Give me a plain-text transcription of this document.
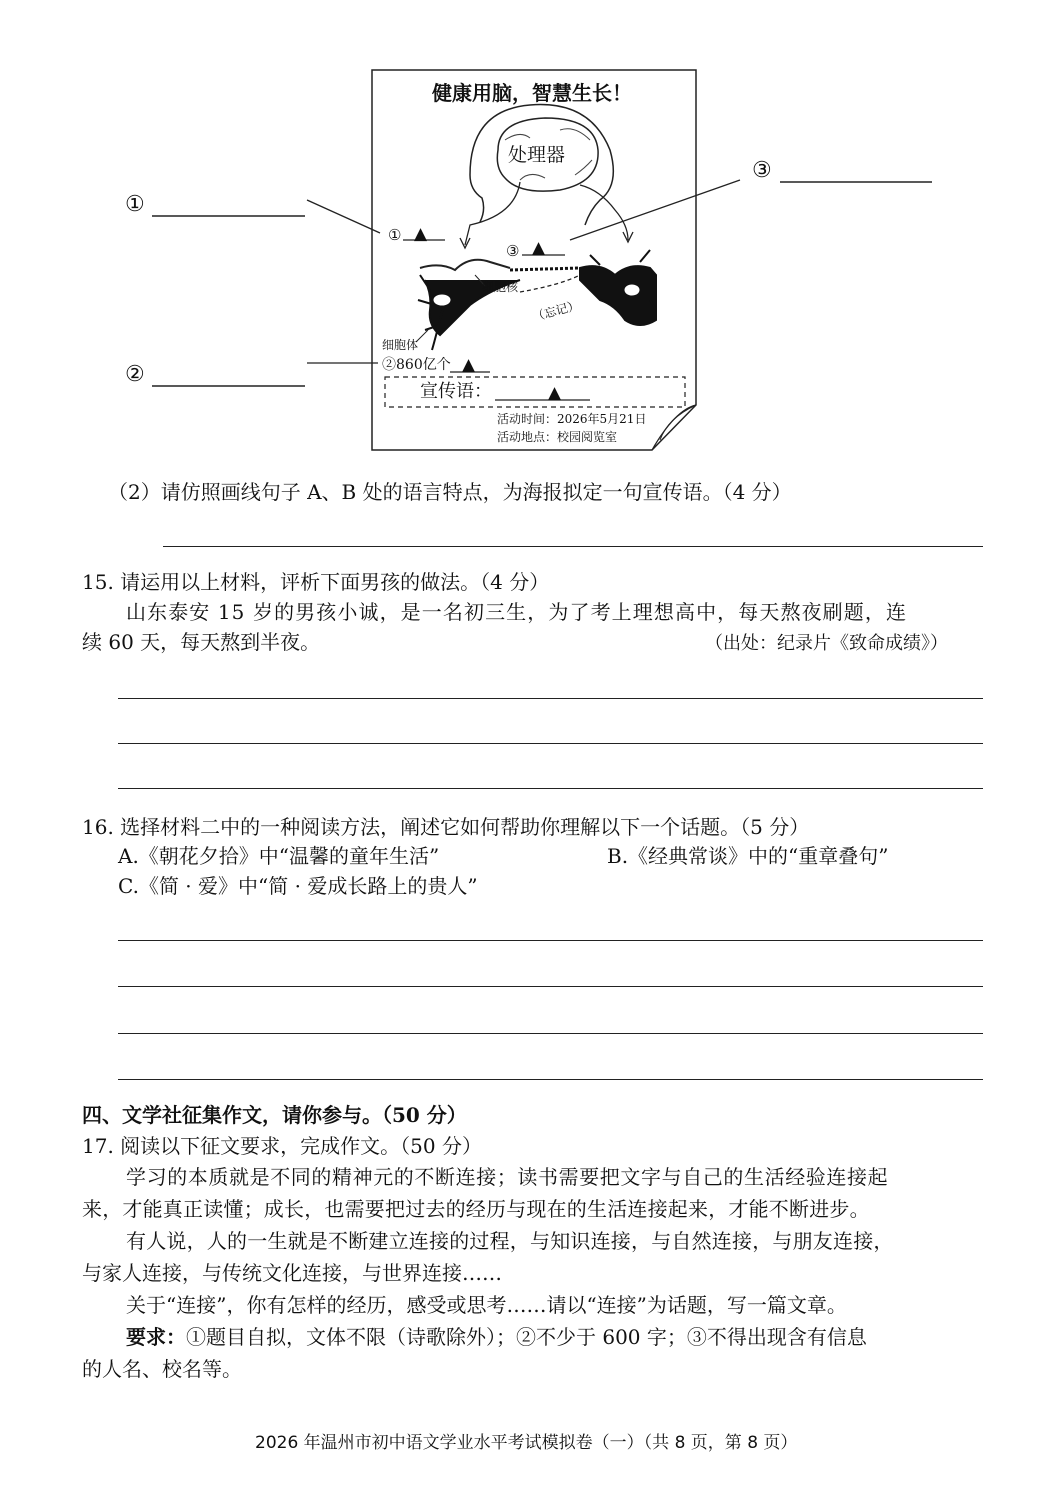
健康用脑，智慧生长！
处理器
① ▲
③ ▲
细胞核
（忘记）
细胞体
②860亿个 ▲
宣传语：	▲
活动时间：2026年5月21日
活动地点：校园阅览室
①
③
②
（2）请仿照画线句子 A、B 处的语言特点，为海报拟定一句宣传语。（4 分）
15. 请运用以上材料，评析下面男孩的做法。（4 分）
山东泰安 15 岁的男孩小诚，是一名初三生，为了考上理想高中，每天熬夜刷题，连
续 60 天，每天熬到半夜。	（出处：纪录片《致命成绩》）
16. 选择材料二中的一种阅读方法，阐述它如何帮助你理解以下一个话题。（5 分）
A.《朝花夕拾》中“温馨的童年生活”	B.《经典常谈》中的“重章叠句”
C.《简 · 爱》中“简 · 爱成长路上的贵人”
四、文学社征集作文，请你参与。（50 分）
17. 阅读以下征文要求，完成作文。（50 分）
学习的本质就是不同的精神元的不断连接；读书需要把文字与自己的生活经验连接起
来，才能真正读懂；成长，也需要把过去的经历与现在的生活连接起来，才能不断进步。
有人说，人的一生就是不断建立连接的过程，与知识连接，与自然连接，与朋友连接，
与家人连接，与传统文化连接，与世界连接……
关于“连接”，你有怎样的经历，感受或思考……请以“连接”为话题，写一篇文章。
要求： ①题目自拟，文体不限（诗歌除外）；②不少于 600 字；③不得出现含有信息
的人名、校名等。
2026 年温州市初中语文学业水平考试模拟卷（一）（共 8 页，第 8 页）
